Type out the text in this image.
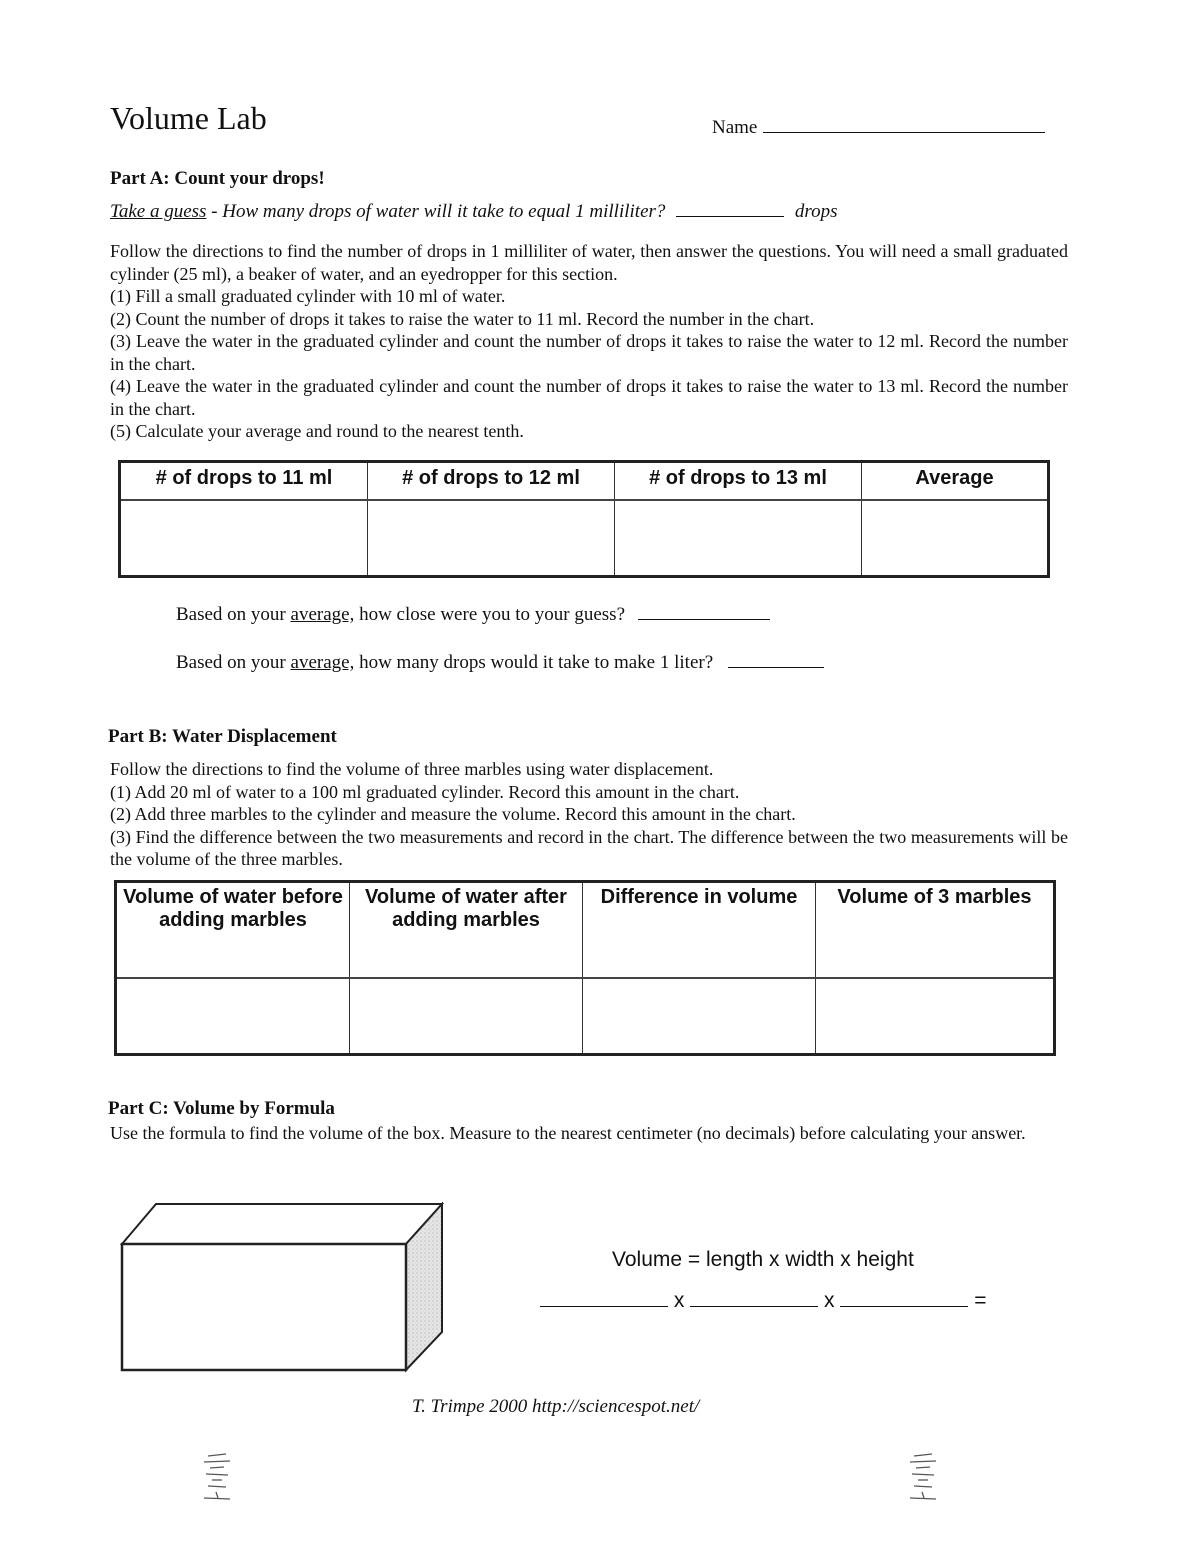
Volume Lab	Name
Part A: Count your drops!
Take a guess - How many drops of water will it take to equal 1 milliliter?	drops

Follow the directions to find the number of drops in 1 milliliter of water, then answer the questions. You will need a small graduated cylinder (25 ml), a beaker of water, and an eyedropper for this section.

(1) Fill a small graduated cylinder with 10 ml of water.

(2) Count the number of drops it takes to raise the water to 11 ml. Record the number in the chart.

(3) Leave the water in the graduated cylinder and count the number of drops it takes to raise the water to 12 ml. Record the number in the chart.

(4) Leave the water in the graduated cylinder and count the number of drops it takes to raise the water to 13 ml. Record the number in the chart.

(5) Calculate your average and round to the nearest tenth.

# of drops to 11 ml	# of drops to 12 ml	# of drops to 13 ml	Average

Based on your average, how close were you to your guess?
Based on your average, how many drops would it take to make 1 liter?
Part B: Water Displacement

Follow the directions to find the volume of three marbles using water displacement.

(1) Add 20 ml of water to a 100 ml graduated cylinder. Record this amount in the chart.

(2) Add three marbles to the cylinder and measure the volume. Record this amount in the chart.

(3) Find the difference between the two measurements and record in the chart. The difference between the two measurements will be the volume of the three marbles.

Volume of water before adding marbles	Volume of water after adding marbles	Difference in volume	Volume of 3 marbles

Part C: Volume by Formula
Use the formula to find the volume of the box. Measure to the nearest centimeter (no decimals) before calculating your answer.
Volume = length x width x height
x	x	=
T. Trimpe 2000 http://sciencespot.net/
